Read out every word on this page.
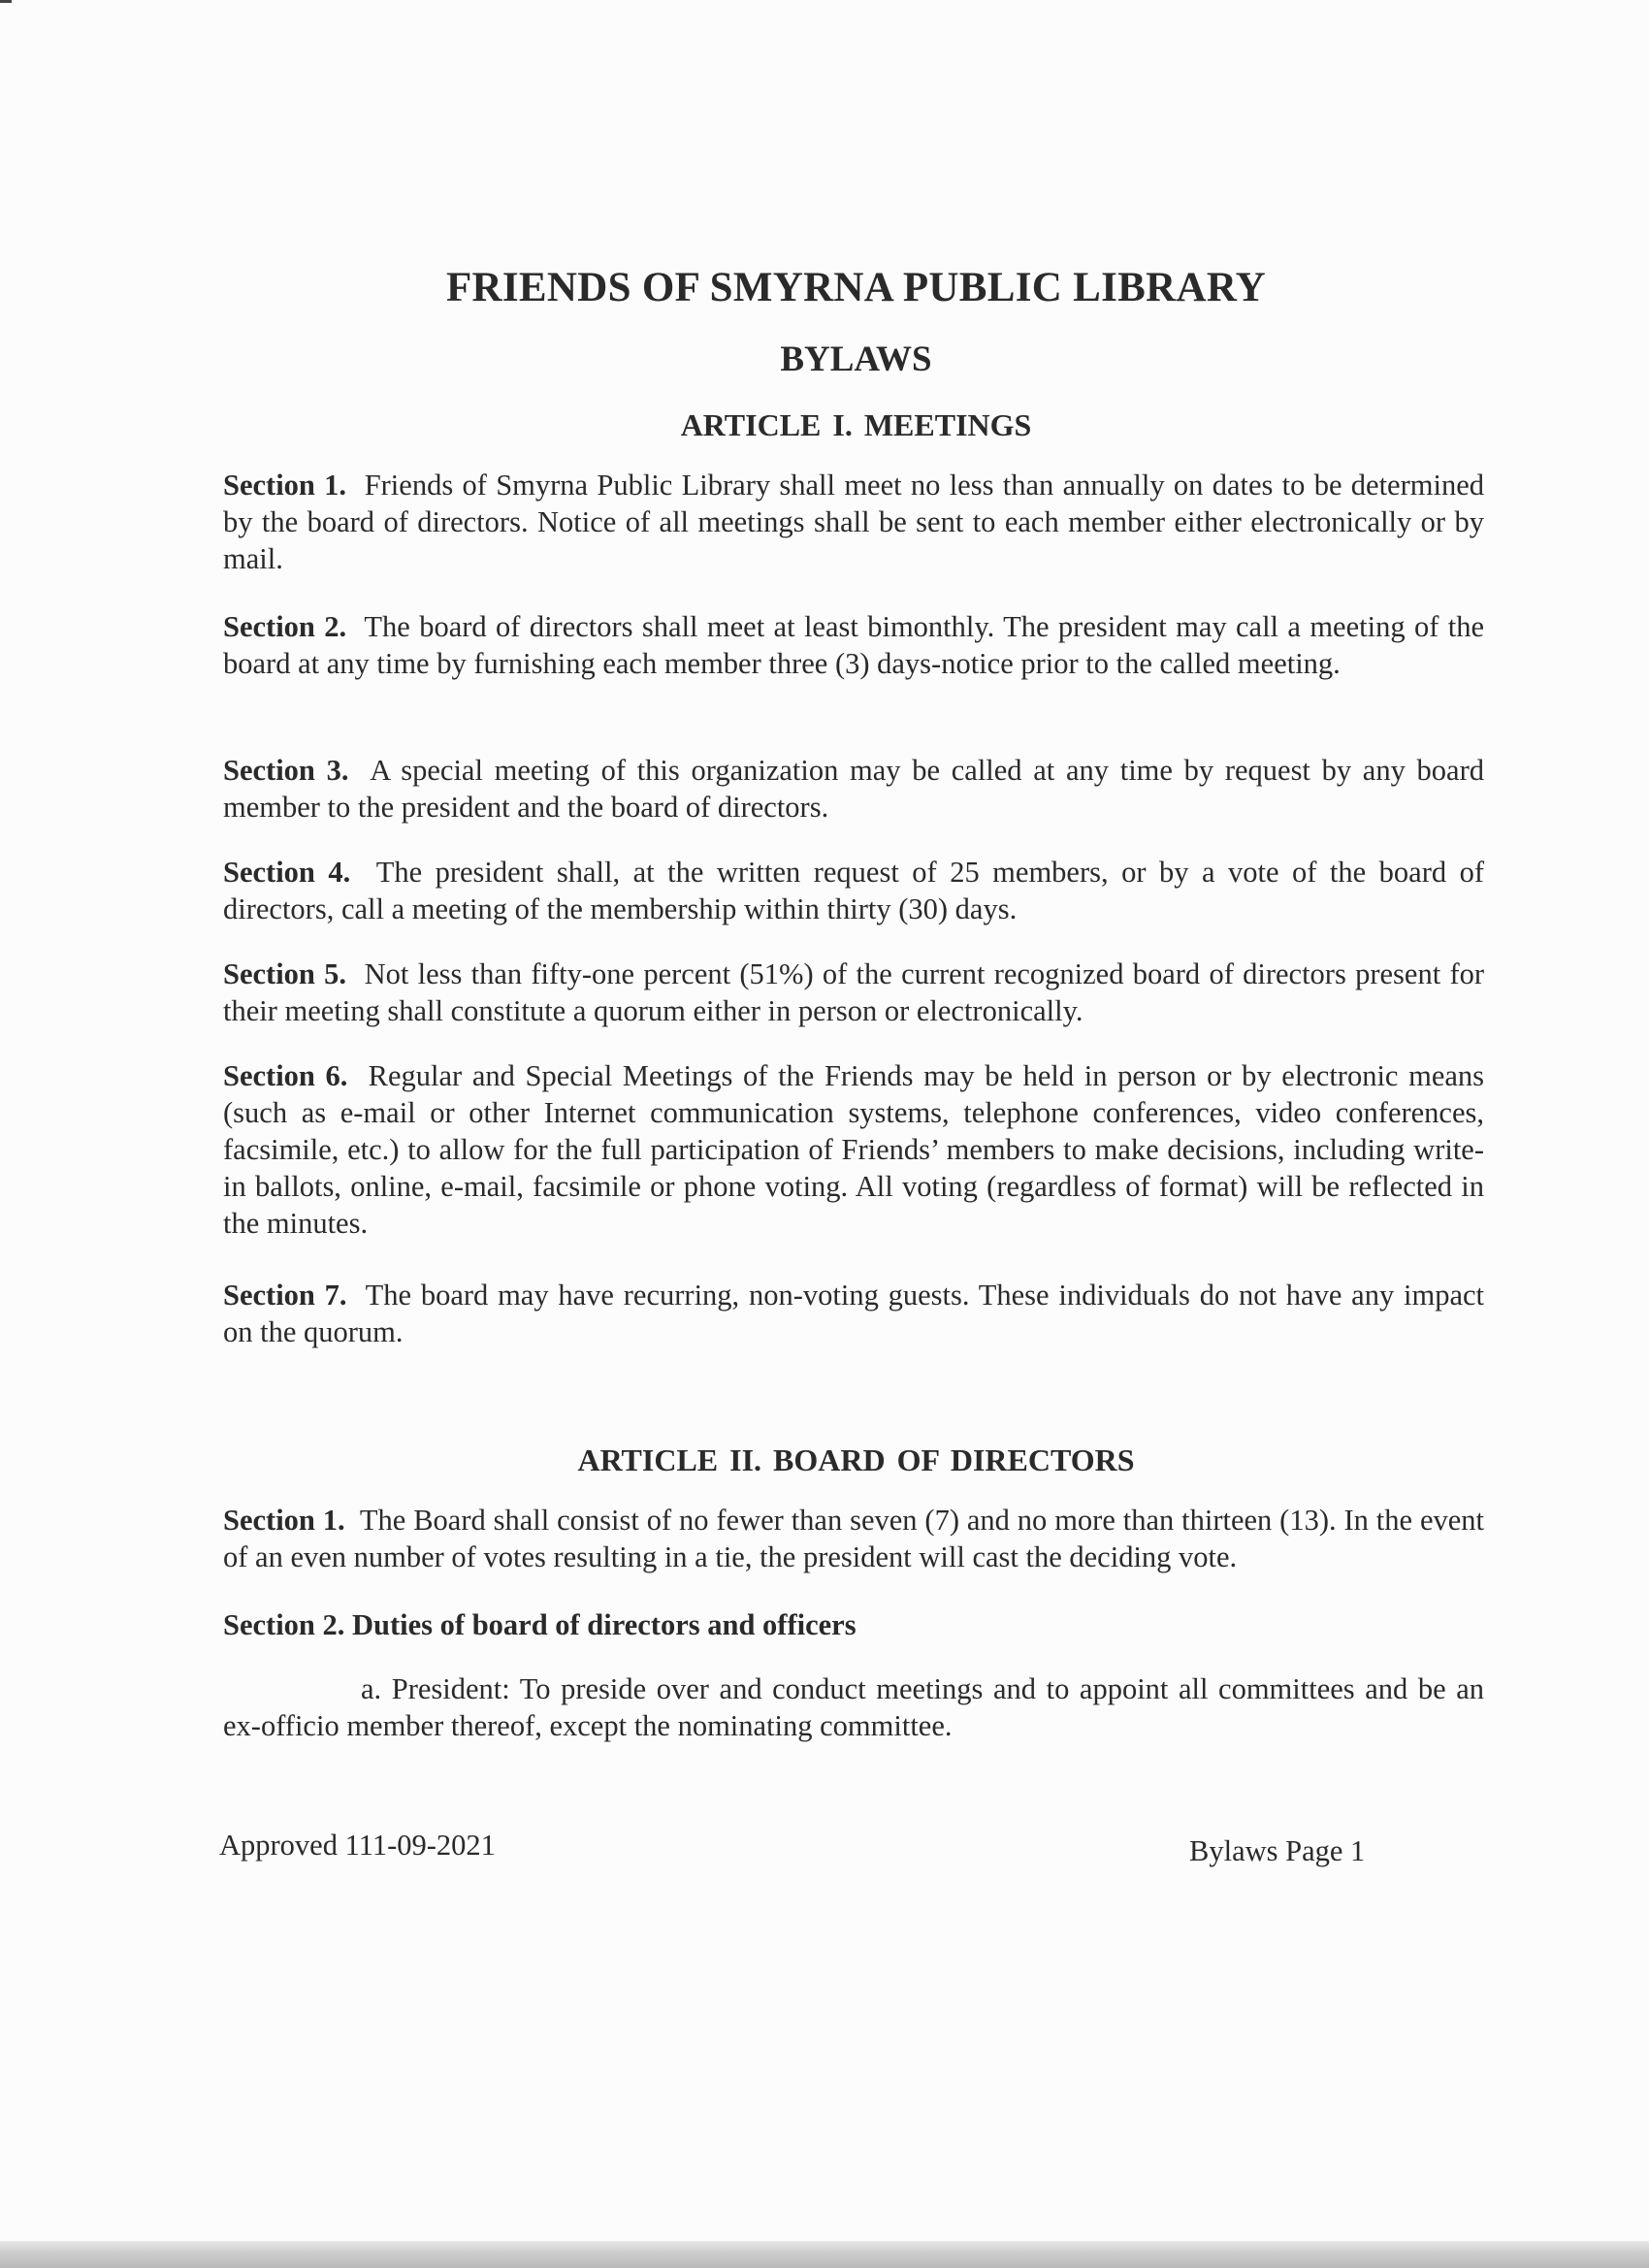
FRIENDS OF SMYRNA PUBLIC LIBRARY
BYLAWS
ARTICLE I. MEETINGS
Section 1. Friends of Smyrna Public Library shall meet no less than annually on dates to be determined by the board of directors. Notice of all meetings shall be sent to each member either electronically or by mail.
Section 2. The board of directors shall meet at least bimonthly. The president may call a meeting of the board at any time by furnishing each member three (3) days-notice prior to the called meeting.
Section 3. A special meeting of this organization may be called at any time by request by any board member to the president and the board of directors.
Section 4. The president shall, at the written request of 25 members, or by a vote of the board of directors, call a meeting of the membership within thirty (30) days.
Section 5. Not less than fifty-one percent (51%) of the current recognized board of directors present for their meeting shall constitute a quorum either in person or electronically.
Section 6. Regular and Special Meetings of the Friends may be held in person or by electronic means (such as e-mail or other Internet communication systems, telephone conferences, video conferences, facsimile, etc.) to allow for the full participation of Friends’ members to make decisions, including write-in ballots, online, e-mail, facsimile or phone voting. All voting (regardless of format) will be reflected in the minutes.
Section 7. The board may have recurring, non-voting guests. These individuals do not have any impact on the quorum.
ARTICLE II. BOARD OF DIRECTORS
Section 1. The Board shall consist of no fewer than seven (7) and no more than thirteen (13). In the event of an even number of votes resulting in a tie, the president will cast the deciding vote.
Section 2. Duties of board of directors and officers
a. President: To preside over and conduct meetings and to appoint all committees and be an ex-officio member thereof, except the nominating committee.
Approved 111-09-2021	Bylaws Page 1
